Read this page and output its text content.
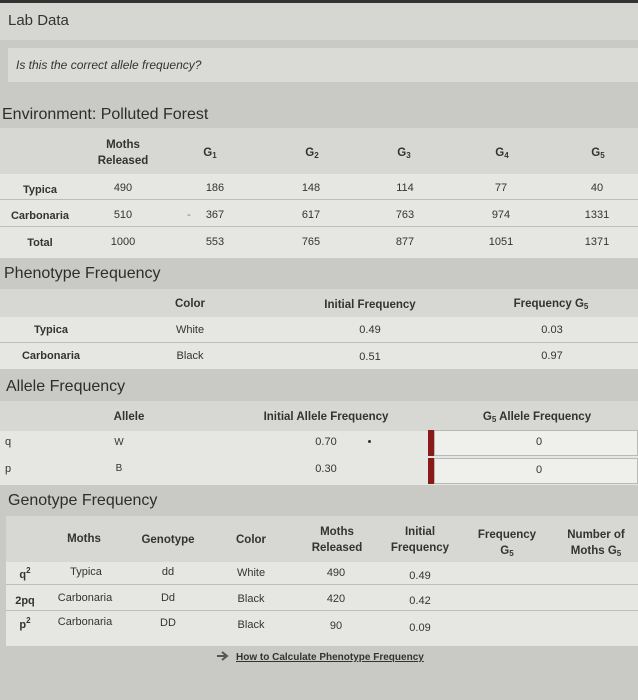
Lab Data
Is this the correct allele frequency?
Environment: Polluted Forest
Moths Released
$G_1$	$G_2$	$G_3$	$G_4$	$G_5$
Typica	490	186	148	114	77	40
Carbonaria	510	-	367	617	763	974	1331
Total	1000	553	765	877	1051	1371
Phenotype Frequency
Color	Initial Frequency	Frequency $G_5$
Typica	White	0.49	0.03
Carbonaria	Black	0.51	0.97
Allele Frequency
Allele	Initial Allele Frequency	$G_5$ Allele Frequency
q	W	0.70	0
p	B	0.30	0
Genotype Frequency
Moths	Genotype	Color
Moths Released
Initial Frequency
Frequency $G_5$
Number of Moths $G_5$
$q^2$	Typica	dd	White	490	0.49
2pq	Carbonaria	Dd	Black	420	0.42
$p^2$	Carbonaria	DD	Black	90	0.09
How to Calculate Phenotype Frequency
